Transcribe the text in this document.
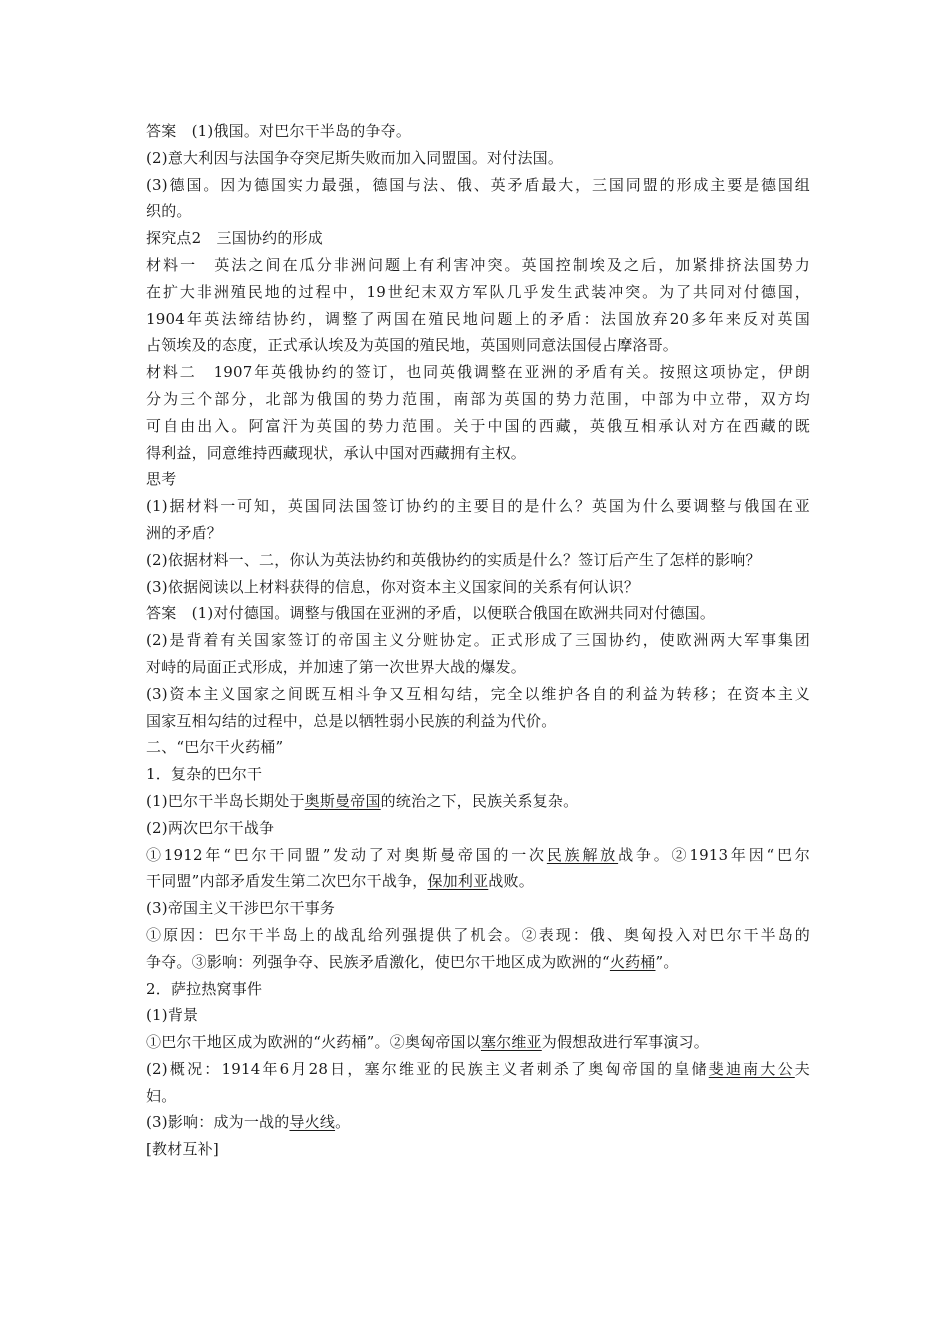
答案　(1)俄国。对巴尔干半岛的争夺。
(2)意大利因与法国争夺突尼斯失败而加入同盟国。对付法国。
(3)德国。因为德国实力最强，德国与法、俄、英矛盾最大，三国同盟的形成主要是德国组
织的。
探究点2　三国协约的形成
材料一　英法之间在瓜分非洲问题上有利害冲突。英国控制埃及之后，加紧排挤法国势力
在扩大非洲殖民地的过程中，19世纪末双方军队几乎发生武装冲突。为了共同对付德国，
1904年英法缔结协约，调整了两国在殖民地问题上的矛盾：法国放弃20多年来反对英国
占领埃及的态度，正式承认埃及为英国的殖民地，英国则同意法国侵占摩洛哥。
材料二　1907年英俄协约的签订，也同英俄调整在亚洲的矛盾有关。按照这项协定，伊朗
分为三个部分，北部为俄国的势力范围，南部为英国的势力范围，中部为中立带，双方均
可自由出入。阿富汗为英国的势力范围。关于中国的西藏，英俄互相承认对方在西藏的既
得利益，同意维持西藏现状，承认中国对西藏拥有主权。
思考
(1)据材料一可知，英国同法国签订协约的主要目的是什么？英国为什么要调整与俄国在亚
洲的矛盾？
(2)依据材料一、二，你认为英法协约和英俄协约的实质是什么？签订后产生了怎样的影响？
(3)依据阅读以上材料获得的信息，你对资本主义国家间的关系有何认识？
答案　(1)对付德国。调整与俄国在亚洲的矛盾，以便联合俄国在欧洲共同对付德国。
(2)是背着有关国家签订的帝国主义分赃协定。正式形成了三国协约，使欧洲两大军事集团
对峙的局面正式形成，并加速了第一次世界大战的爆发。
(3)资本主义国家之间既互相斗争又互相勾结，完全以维护各自的利益为转移；在资本主义
国家互相勾结的过程中，总是以牺牲弱小民族的利益为代价。
二、“巴尔干火药桶”
1．复杂的巴尔干
(1)巴尔干半岛长期处于奥斯曼帝国的统治之下，民族关系复杂。
(2)两次巴尔干战争
①1912年“巴尔干同盟”发动了对奥斯曼帝国的一次民族解放战争。②1913年因“巴尔
干同盟”内部矛盾发生第二次巴尔干战争，保加利亚战败。
(3)帝国主义干涉巴尔干事务
①原因：巴尔干半岛上的战乱给列强提供了机会。②表现：俄、奥匈投入对巴尔干半岛的
争夺。③影响：列强争夺、民族矛盾激化，使巴尔干地区成为欧洲的“火药桶”。
2．萨拉热窝事件
(1)背景
①巴尔干地区成为欧洲的“火药桶”。②奥匈帝国以塞尔维亚为假想敌进行军事演习。
(2)概况：1914年6月28日，塞尔维亚的民族主义者刺杀了奥匈帝国的皇储斐迪南大公夫
妇。
(3)影响：成为一战的导火线。
[教材互补]
